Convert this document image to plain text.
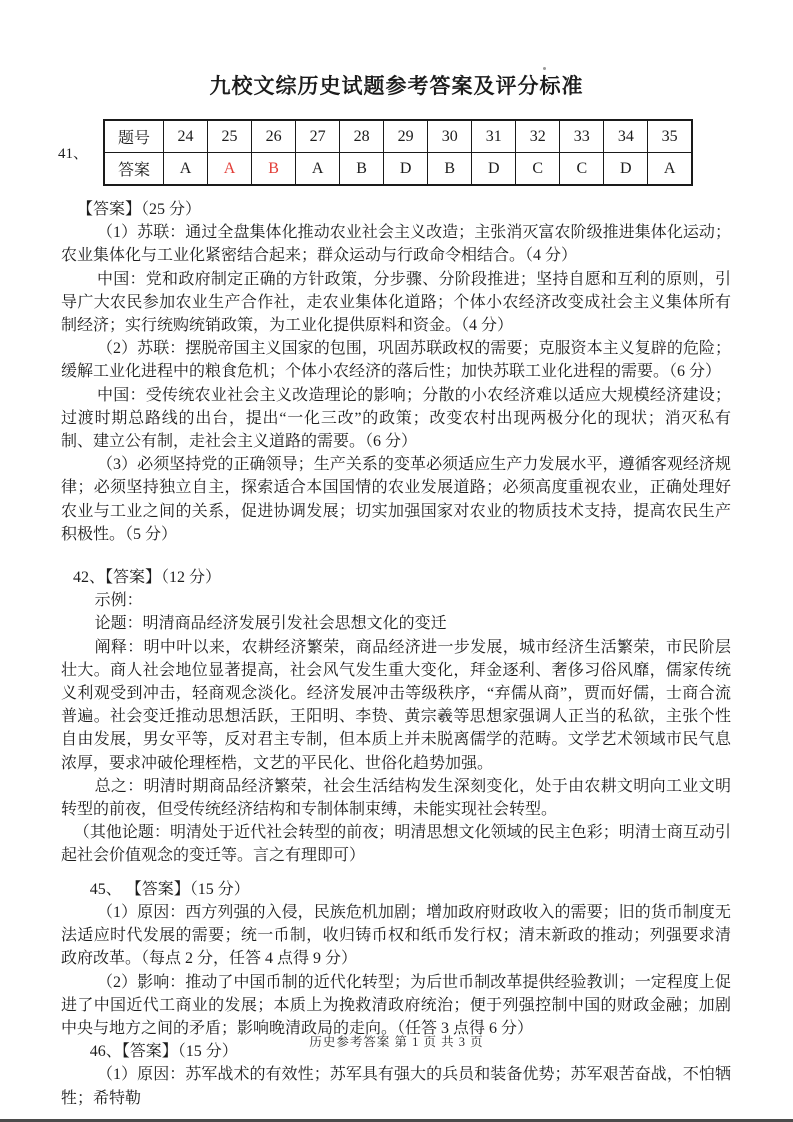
九校文综历史试题参考答案及评分标准
41、
题号	24	25	26	27	28	29	30	31	32	33	34	35
答案	A	A	B	A	B	D	B	D	C	C	D	A

【答案】（25 分）

（1）苏联：通过全盘集体化推动农业社会主义改造；主张消灭富农阶级推进集体化运动；农业集体化与工业化紧密结合起来；群众运动与行政命令相结合。（4 分）

中国：党和政府制定正确的方针政策，分步骤、分阶段推进；坚持自愿和互利的原则，引导广大农民参加农业生产合作社，走农业集体化道路；个体小农经济改变成社会主义集体所有制经济；实行统购统销政策，为工业化提供原料和资金。（4 分）

（2）苏联：摆脱帝国主义国家的包围，巩固苏联政权的需要；克服资本主义复辟的危险；缓解工业化进程中的粮食危机；个体小农经济的落后性；加快苏联工业化进程的需要。（6 分）

中国：受传统农业社会主义改造理论的影响；分散的小农经济难以适应大规模经济建设；过渡时期总路线的出台，提出“一化三改”的政策；改变农村出现两极分化的现状；消灭私有制、建立公有制，走社会主义道路的需要。（6 分）

（3）必须坚持党的正确领导；生产关系的变革必须适应生产力发展水平，遵循客观经济规律；必须坚持独立自主，探索适合本国国情的农业发展道路；必须高度重视农业，正确处理好农业与工业之间的关系，促进协调发展；切实加强国家对农业的物质技术支持，提高农民生产积极性。（5 分）

42、【答案】（12 分）

示例：

论题：明清商品经济发展引发社会思想文化的变迁

阐释：明中叶以来，农耕经济繁荣，商品经济进一步发展，城市经济生活繁荣，市民阶层壮大。商人社会地位显著提高，社会风气发生重大变化，拜金逐利、奢侈习俗风靡，儒家传统义利观受到冲击，轻商观念淡化。经济发展冲击等级秩序，“弃儒从商”，贾而好儒，士商合流普遍。社会变迁推动思想活跃，王阳明、李贽、黄宗羲等思想家强调人正当的私欲，主张个性自由发展，男女平等，反对君主专制，但本质上并未脱离儒学的范畴。文学艺术领域市民气息浓厚，要求冲破伦理桎梏，文艺的平民化、世俗化趋势加强。

总之：明清时期商品经济繁荣，社会生活结构发生深刻变化，处于由农耕文明向工业文明转型的前夜，但受传统经济结构和专制体制束缚，未能实现社会转型。

（其他论题：明清处于近代社会转型的前夜；明清思想文化领域的民主色彩；明清士商互动引起社会价值观念的变迁等。言之有理即可）

45、 【答案】（15 分）

（1）原因：西方列强的入侵，民族危机加剧；增加政府财政收入的需要；旧的货币制度无法适应时代发展的需要；统一币制，收归铸币权和纸币发行权；清末新政的推动；列强要求清政府改革。（每点 2 分，任答 4 点得 9 分）

（2）影响：推动了中国币制的近代化转型；为后世币制改革提供经验教训；一定程度上促进了中国近代工商业的发展；本质上为挽救清政府统治；便于列强控制中国的财政金融；加剧中央与地方之间的矛盾；影响晚清政局的走向。（任答 3 点得 6 分）

46、【答案】（15 分）

（1）原因：苏军战术的有效性；苏军具有强大的兵员和装备优势；苏军艰苦奋战，不怕牺牲；希特勒

历史参考答案 第 1 页 共 3 页
